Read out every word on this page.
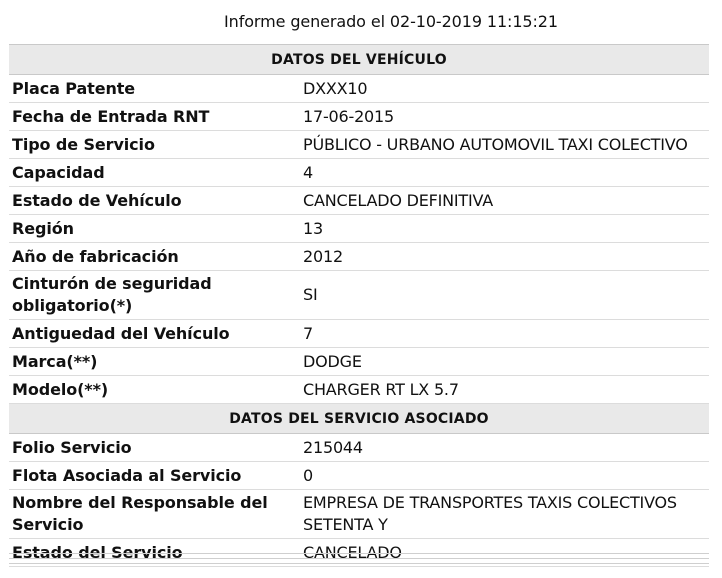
Informe generado el 02-10-2019 11:15:21
DATOS DEL VEHÍCULO	
Placa Patente	DXXX10
Fecha de Entrada RNT	17-06-2015
Tipo de Servicio	PÚBLICO - URBANO AUTOMOVIL TAXI COLECTIVO
Capacidad	4
Estado de Vehículo	CANCELADO DEFINITIVA
Región	13
Año de fabricación	2012
Cinturón de seguridad obligatorio(*)	SI
Antiguedad del Vehículo	7
Marca(**)	DODGE
Modelo(**)	CHARGER RT LX 5.7
DATOS DEL SERVICIO ASOCIADO	
Folio Servicio	215044
Flota Asociada al Servicio	0
Nombre del Responsable del Servicio	EMPRESA DE TRANSPORTES TAXIS COLECTIVOS SETENTA Y
Estado del Servicio	CANCELADO
